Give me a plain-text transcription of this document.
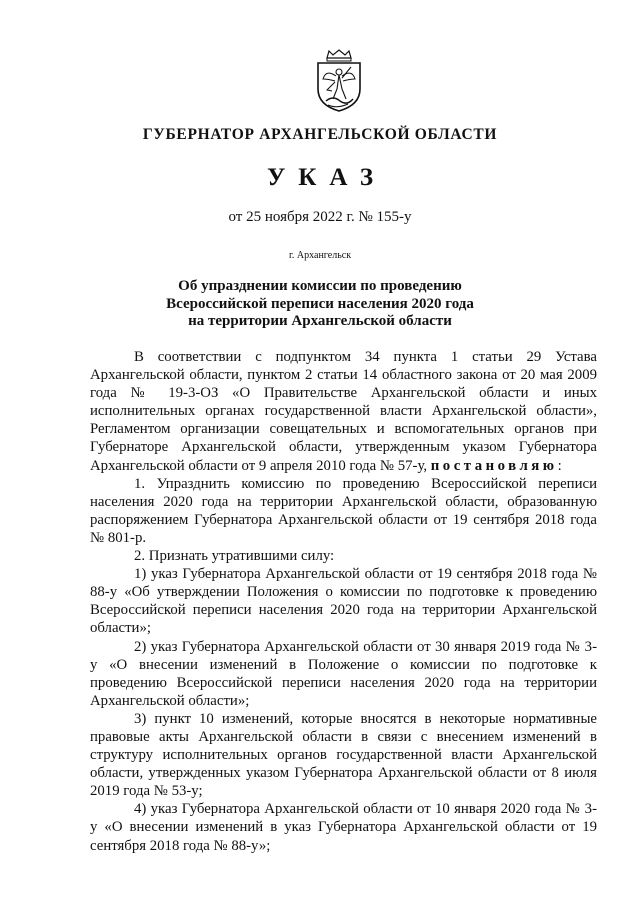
ГУБЕРНАТОР АРХАНГЕЛЬСКОЙ ОБЛАСТИ
УКАЗ
от 25 ноября 2022 г. № 155-у
г. Архангельск
Об упразднении комиссии по проведению
Всероссийской переписи населения 2020 года
на территории Архангельской области

В соответствии с подпунктом 34 пункта 1 статьи 29 Устава Архангельской области, пунктом 2 статьи 14 областного закона от 20 мая 2009 года № 19-3-ОЗ «О Правительстве Архангельской области и иных исполнительных органах государственной власти Архангельской области», Регламентом организации совещательных и вспомогательных органов при Губернаторе Архангельской области, утвержденным указом Губернатора Архангельской области от 9 апреля 2010 года № 57-у, постановляю:

1. Упразднить комиссию по проведению Всероссийской переписи населения 2020 года на территории Архангельской области, образованную распоряжением Губернатора Архангельской области от 19 сентября 2018 года № 801-р.

2. Признать утратившими силу:

1) указ Губернатора Архангельской области от 19 сентября 2018 года № 88-у «Об утверждении Положения о комиссии по подготовке к проведению Всероссийской переписи населения 2020 года на территории Архангельской области»;

2) указ Губернатора Архангельской области от 30 января 2019 года № 3-у «О внесении изменений в Положение о комиссии по подготовке к проведению Всероссийской переписи населения 2020 года на территории Архангельской области»;

3) пункт 10 изменений, которые вносятся в некоторые нормативные правовые акты Архангельской области в связи с внесением изменений в структуру исполнительных органов государственной власти Архангельской области, утвержденных указом Губернатора Архангельской области от 8 июля 2019 года № 53-у;

4) указ Губернатора Архангельской области от 10 января 2020 года № 3-у «О внесении изменений в указ Губернатора Архангельской области от 19 сентября 2018 года № 88-у»;
